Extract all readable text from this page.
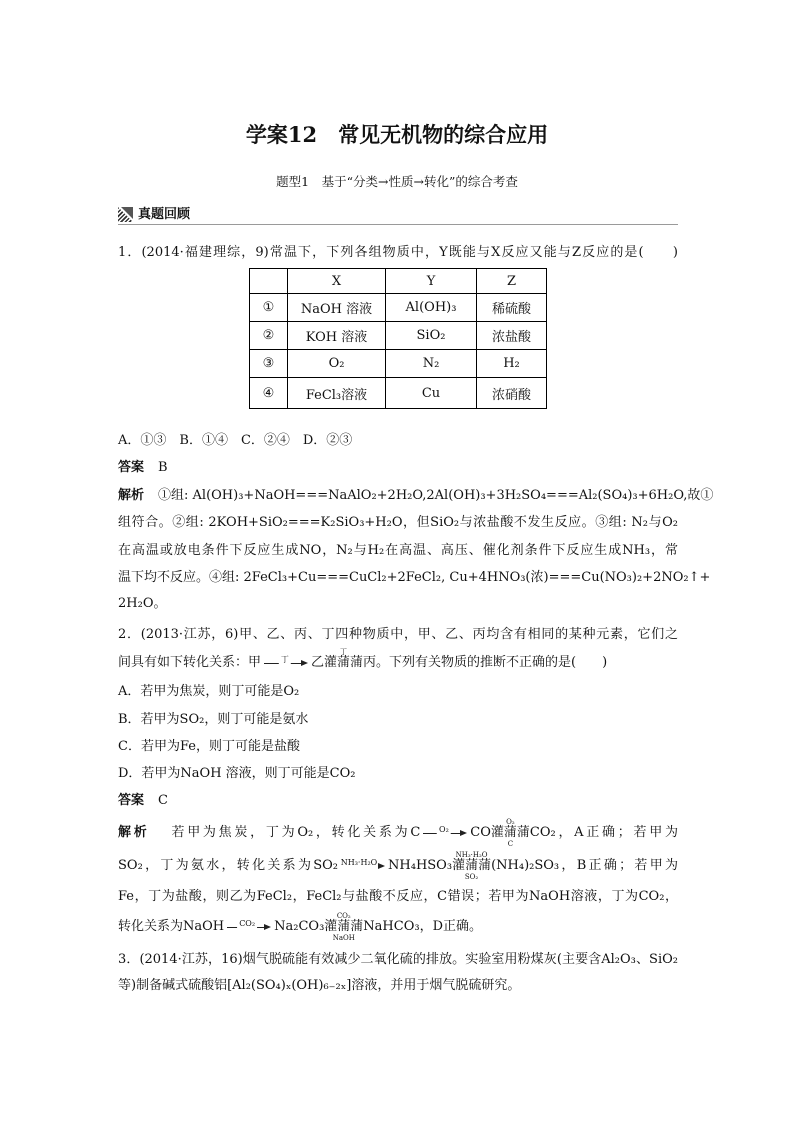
学案12　常见无机物的综合应用
题型1　基于“分类→性质→转化”的综合考查
真题回顾
1．(2014·福建理综，9)常温下，下列各组物质中，Y既能与X反应又能与Z反应的是(　　)
	X	Y	Z
①	NaOH 溶液	Al(OH)₃	稀硫酸
②	KOH 溶液	SiO₂	浓盐酸
③	O₂	N₂	H₂
④	FeCl₃溶液	Cu	浓硝酸
A．①③　B．①④　C．②④　D．②③
答案 B
解析 ①组: Al(OH)₃+NaOH===NaAlO₂+2H₂O,2Al(OH)₃+3H₂SO₄===Al₂(SO₄)₃+6H₂O,故①
组符合。②组: 2KOH+SiO₂===K₂SiO₃+H₂O，但SiO₂与浓盐酸不发生反应。③组: N₂与O₂
在高温或放电条件下反应生成NO，N₂与H₂在高温、高压、催化剂条件下反应生成NH₃，常
温下均不反应。④组: 2FeCl₃+Cu===CuCl₂+2FeCl₂, Cu+4HNO₃(浓)===Cu(NO₃)₂+2NO₂↑+
2H₂O。
2．(2013·江苏，6)甲、乙、丙、丁四种物质中，甲、乙、丙均含有相同的某种元素，它们之
间具有如下转化关系：甲 丁 乙灌蒲蒲
丁
丙。下列有关物质的推断不正确的是(　　)
A．若甲为焦炭，则丁可能是O₂
B．若甲为SO₂，则丁可能是氨水
C．若甲为Fe，则丁可能是盐酸
D．若甲为NaOH 溶液，则丁可能是CO₂
答案 C
解析 若甲为焦炭，丁为O₂，转化关系为C O₂ CO灌蒲蒲
O₂
C
CO₂，A正确；若甲为
SO₂，丁为氨水，转化关系为SO₂ NH₃·H₂O NH₄HSO₃灌蒲蒲
NH₃·H₂O
SO₂
(NH₄)₂SO₃，B正确；若甲为
Fe，丁为盐酸，则乙为FeCl₂，FeCl₂与盐酸不反应，C错误；若甲为NaOH溶液，丁为CO₂，
转化关系为NaOH CO₂ Na₂CO₃灌蒲蒲
CO₂
NaOH
NaHCO₃，D正确。
3．(2014·江苏，16)烟气脱硫能有效减少二氧化硫的排放。实验室用粉煤灰(主要含Al₂O₃、SiO₂
等)制备碱式硫酸铝[Al₂(SO₄)ₓ(OH)₆₋₂ₓ]溶液，并用于烟气脱硫研究。
